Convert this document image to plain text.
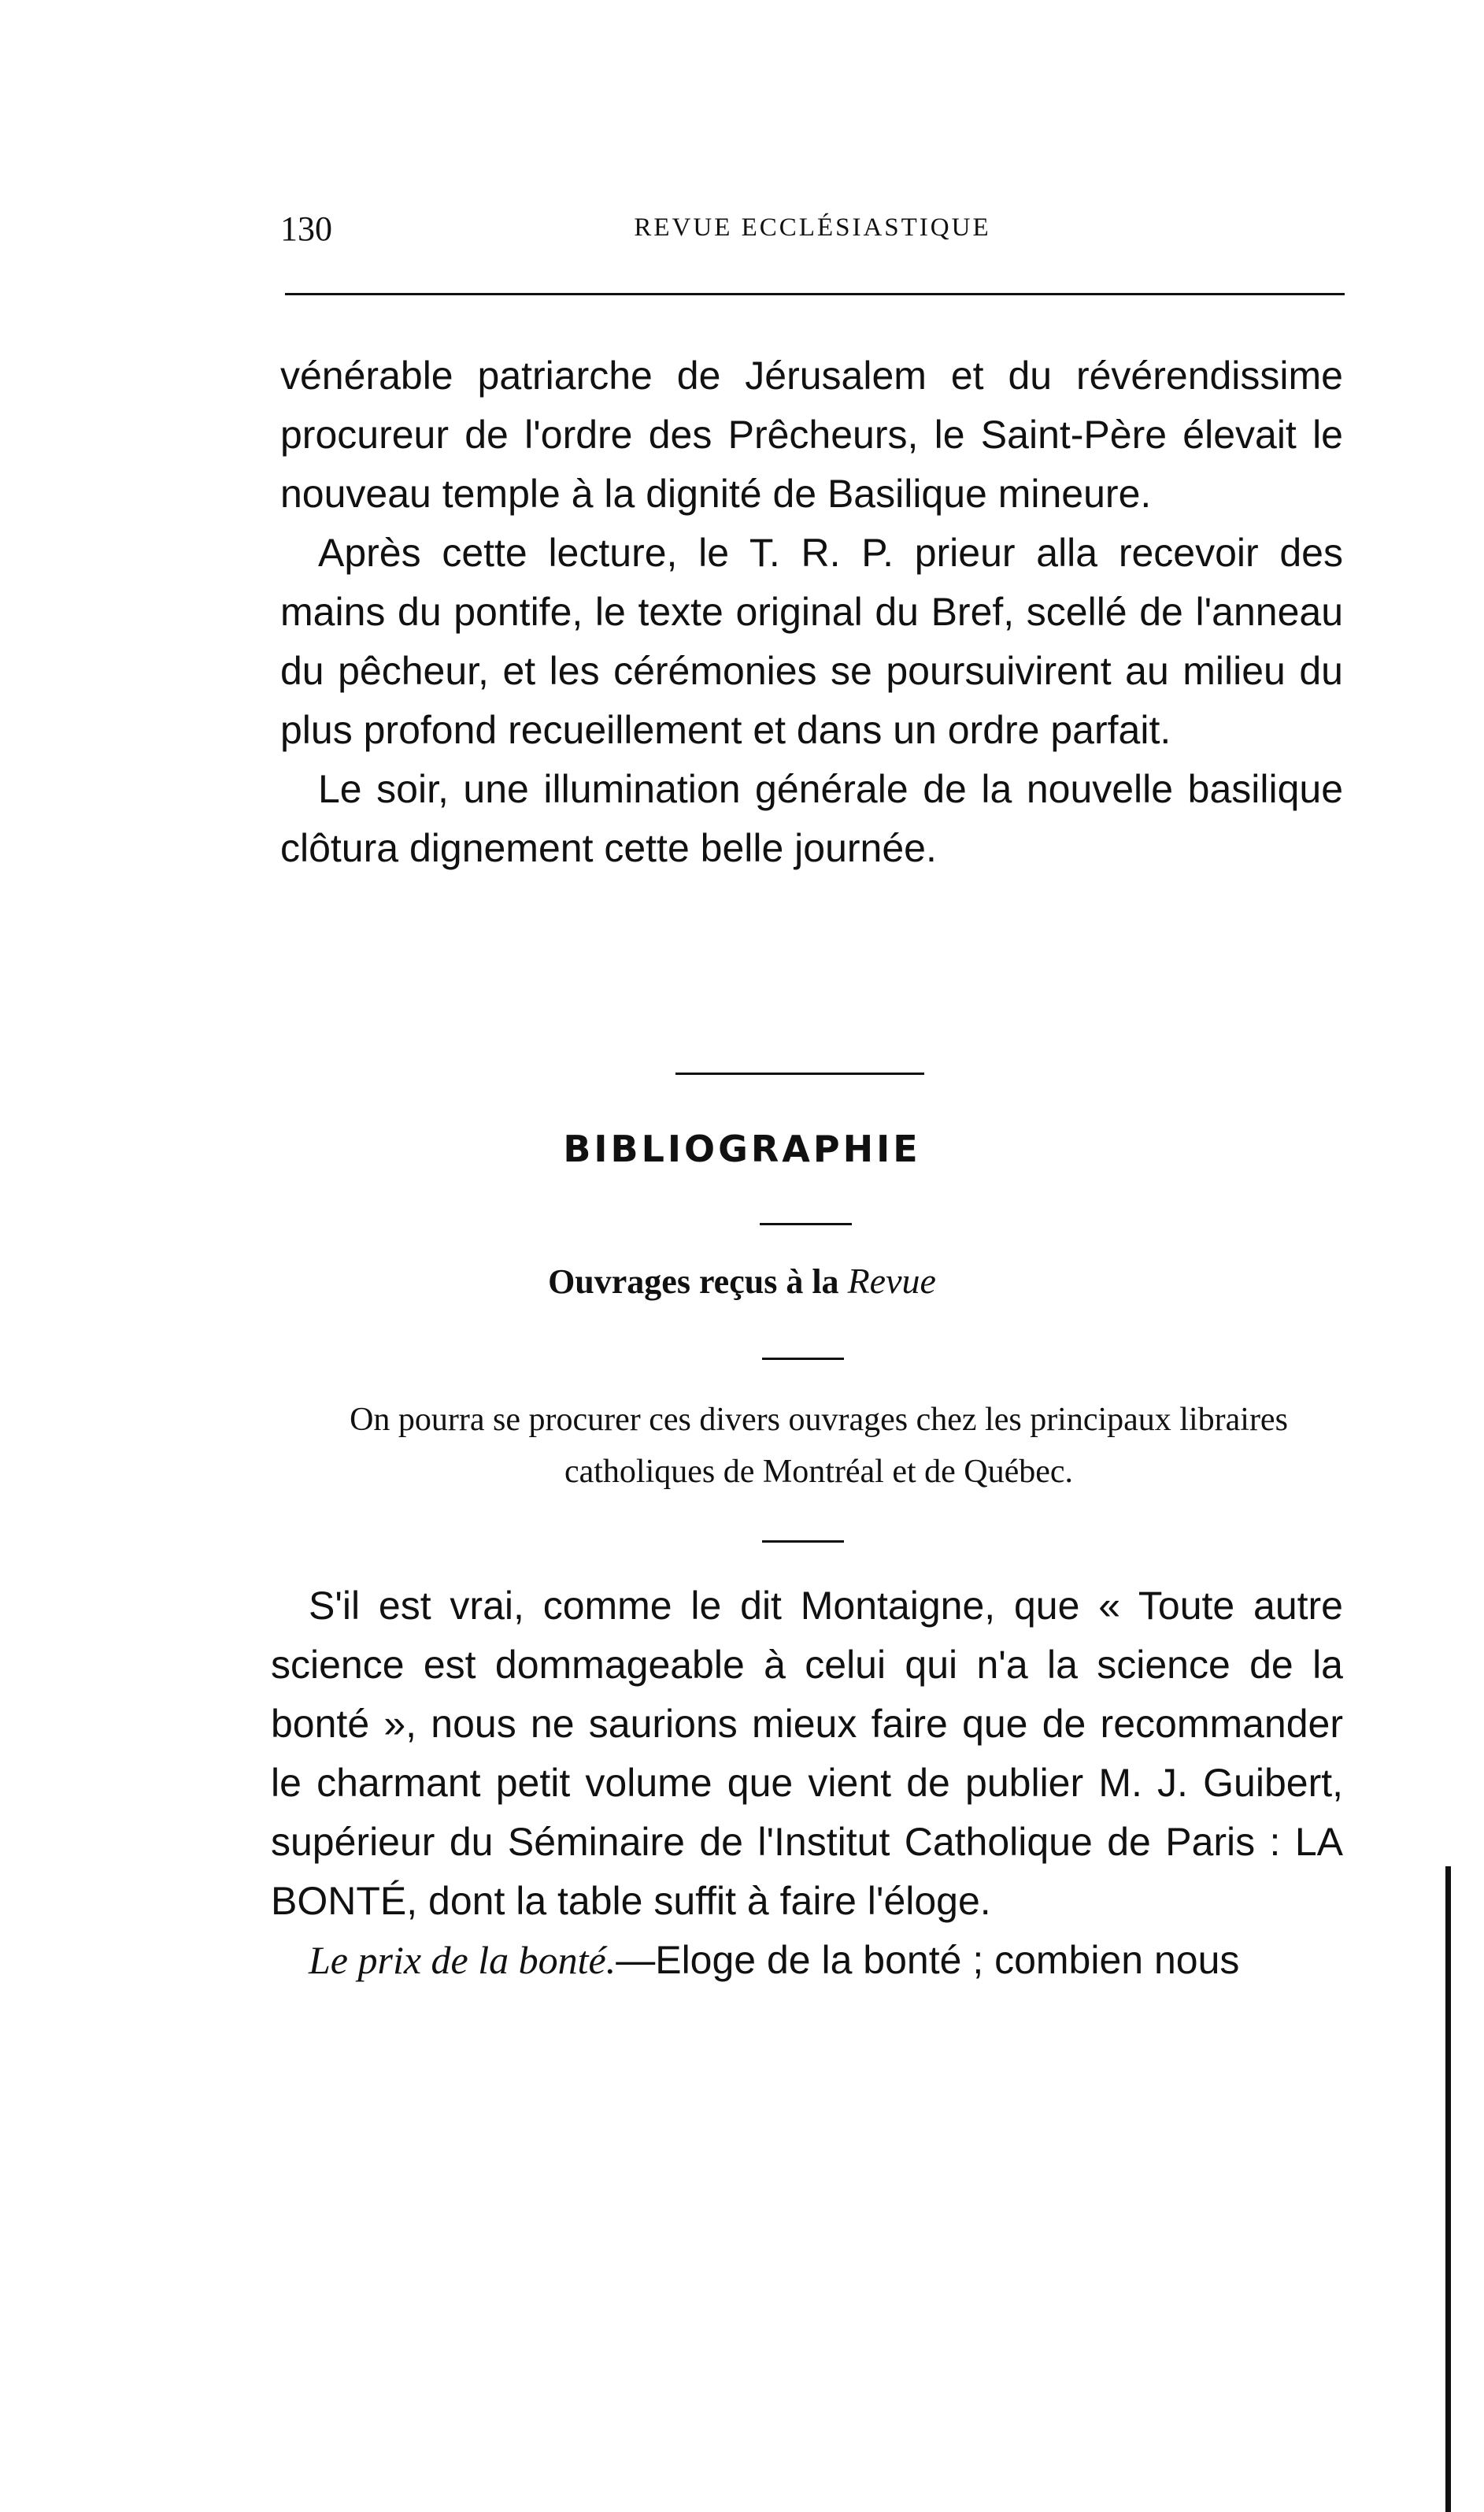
130	REVUE ECCLÉSIASTIQUE

vénérable patriarche de Jérusalem et du révérendissime procureur de l'ordre des Prêcheurs, le Saint-Père élevait le nouveau temple à la dignité de Basilique mineure.

Après cette lecture, le T. R. P. prieur alla recevoir des mains du pontife, le texte original du Bref, scellé de l'anneau du pêcheur, et les cérémonies se poursuivirent au milieu du plus profond recueillement et dans un ordre parfait.

Le soir, une illumination générale de la nouvelle basilique clôtura dignement cette belle journée.

BIBLIOGRAPHIE
Ouvrages reçus à la Revue
On pourra se procurer ces divers ouvrages chez les principaux libraires catholiques de Montréal et de Québec.

S'il est vrai, comme le dit Montaigne, que « Toute autre science est dommageable à celui qui n'a la science de la bonté », nous ne saurions mieux faire que de recommander le charmant petit volume que vient de publier M. J. Guibert, supérieur du Séminaire de l'Institut Catholique de Paris : LA BONTÉ, dont la table suffit à faire l'éloge.

Le prix de la bonté.—Eloge de la bonté ; combien nous
